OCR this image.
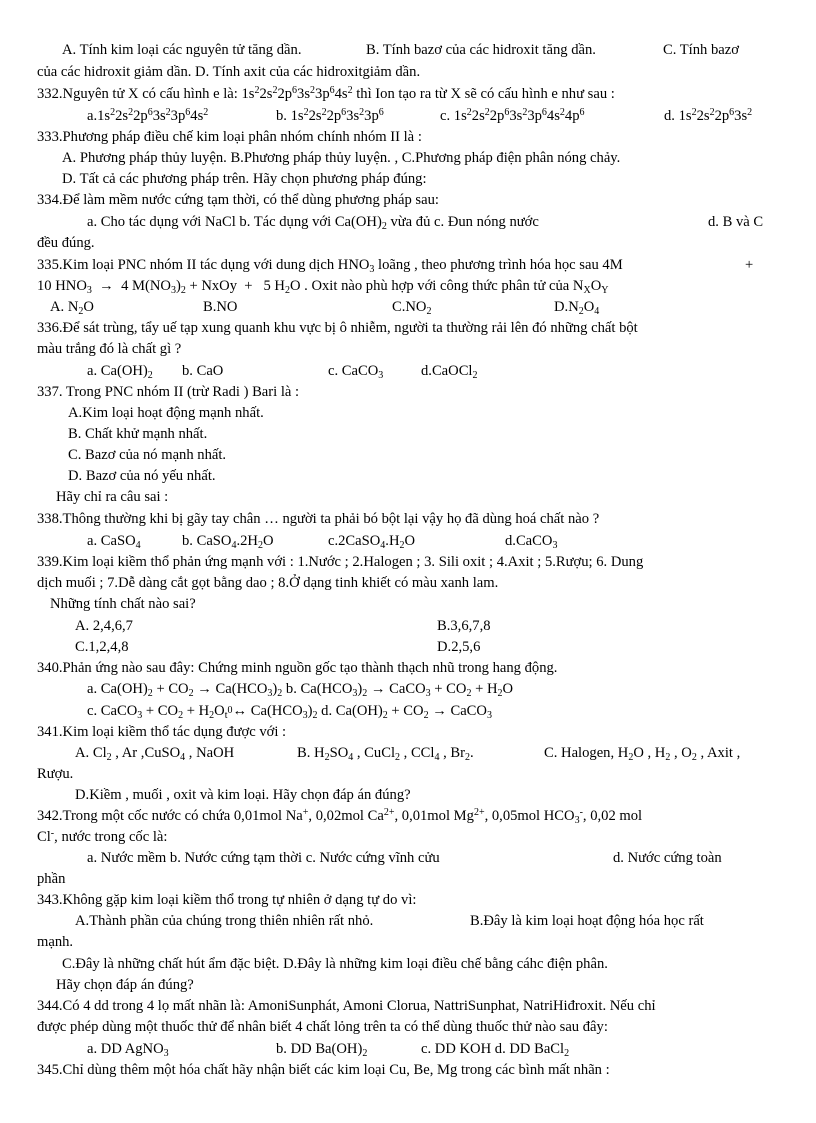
A. Tính kim loại các nguyên tử tăng dần.	B. Tính bazơ của các hidroxit tăng dần.	C. Tính bazơ
của các hidroxit giảm dần. D. Tính axit của các hidroxitgiảm dần.
332.Nguyên tử X có cấu hình e là: $1s^22s^22p^63s^23p^64s^2$ thì Ion tạo ra từ X sẽ có cấu hình e như sau :
$a.1s^22s^22p^63s^23p^64s^2$	b. $1s^22s^22p^63s^23p^6$	c. $1s^22s^22p^63s^23p^64s^24p^6$	d. $1s^22s^22p^63s^2$
333.Phương pháp điều chế kim loại phân nhóm chính nhóm II là :
A. Phương pháp thủy luyện. B.Phương pháp thủy luyện. , C.Phương pháp điện phân nóng chảy.
D. Tất cả các phương pháp trên. Hãy chọn phương pháp đúng:
334.Để làm mềm nước cứng tạm thời, có thể dùng phương pháp sau:
a. Cho tác dụng với NaCl b. Tác dụng với $Ca(OH)_2$ vừa đủ c. Đun nóng nước	d. B và C
đều đúng.
335.Kim loại PNC nhóm II tác dụng với dung dịch $HNO_3$ loãng , theo phương trình hóa học sau 4M	+
10 $HNO_3 \to 4$ $M(NO_3)_2$ + NxOy  +   5 $H_2O$ . Oxit nào phù hợp với công thức phân tử của $N_XO_Y$
A. $N_2O$	B.NO	$C.NO_2$	$D.N_2O_4$
336.Để sát trùng, tẩy uế tạp xung quanh khu vực bị ô nhiễm, người ta thường rải lên đó những chất bột
màu trắng đó là chất gì ?
a. $Ca(OH)_2$ b. CaO	c. CaCO$_3$	d.CaOCl$_2$
337. Trong PNC nhóm II (trừ Radi ) Bari là :
A.Kim loại hoạt động mạnh nhất.
B. Chất khử mạnh nhất.
C. Bazơ của nó mạnh nhất.
D. Bazơ của nó yếu nhất.
Hãy chỉ ra câu sai :
338.Thông thường khi bị gãy tay chân … người ta phải bó bột lại vậy họ đã dùng hoá chất nào ?
a. CaSO$_4$	b. $CaSO_4.2H_2O$	$c.2CaSO_4.H_2O$	d.CaCO$_3$
339.Kim loại kiềm thổ phản ứng mạnh với : 1.Nước ; 2.Halogen ; 3. Sili oxit ; 4.Axit ; 5.Rượu; 6. Dung
dịch muối ; 7.Dễ dàng cắt gọt bằng dao ; 8.Ở dạng tinh khiết có màu xanh lam.
Những tính chất nào sai?
A. 2,4,6,7	B.3,6,7,8
C.1,2,4,8	D.2,5,6
340.Phản ứng nào sau đây: Chứng minh nguồn gốc tạo thành thạch nhũ trong hang động.
a. $Ca(OH)_2 + CO_2 \to Ca(HCO_3)_2$ b. $Ca(HCO_3)_2$ → CaCO$_3$ + $CO_2 + H_2O$
c. CaCO$_3$ + $CO_2$ + $H_2O_{t^0}\leftrightarrow$ $Ca(HCO_3)_2$ d. $Ca(OH)_2 + CO_2$ → CaCO$_3$
341.Kim loại kiềm thổ tác dụng được với :
A. $Cl_2$ , Ar ,CuSO$_4$ , NaOH	B. $H_2SO_4$ , CuCl$_2$ , CCl$_4$ , $Br_2$.	C. Halogen, $H_2O$ , $H_2$ , $O_2$ , Axit ,
Rượu.
D.Kiềm , muối , oxit và kim loại. Hãy chọn đáp án đúng?
342.Trong một cốc nước có chứa 0,01mol Na+, 0,02mol $Ca^{2+}$, 0,01mol $Mg^{2+}$, 0,05mol $HCO_3^-$, 0,02 mol
Cl-, nước trong cốc là:
a. Nước mềm b. Nước cứng tạm thời c. Nước cứng vĩnh cửu	d. Nước cứng toàn
phần
343.Không gặp kim loại kiềm thổ trong tự nhiên ở dạng tự do vì:
A.Thành phần của chúng trong thiên nhiên rất nhỏ.	B.Đây là kim loại hoạt động hóa học rất
mạnh.
C.Đây là những chất hút ẩm đặc biệt. D.Đây là những kim loại điều chế bằng cáhc điện phân.
Hãy chọn đáp án đúng?
344.Có 4 dd trong 4 lọ mất nhãn là: AmoniSunphát, Amoni Clorua, NattriSunphat, NatriHiđroxit. Nếu chỉ
được phép dùng một thuốc thử để nhân biết 4 chất lỏng trên ta có thể dùng thuốc thử nào sau đây:
a. DD AgNO$_3$	b. DD $Ba(OH)_2$	c. DD KOH d. DD BaCl$_2$
345.Chỉ dùng thêm một hóa chất hãy nhận biết các kim loại Cu, Be, Mg trong các bình mất nhãn :
